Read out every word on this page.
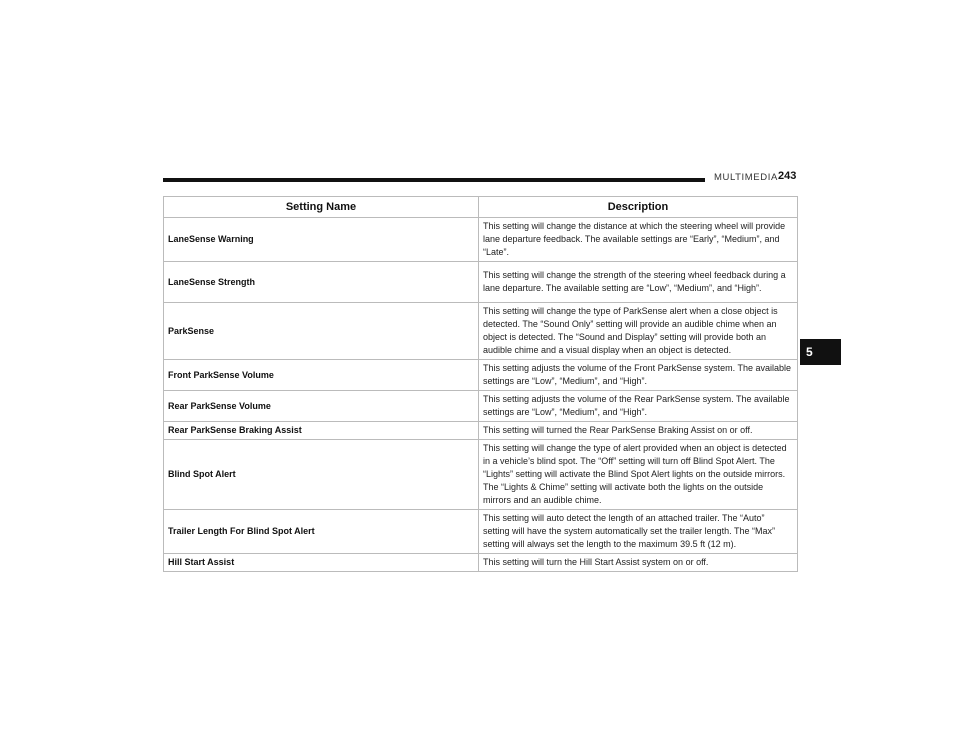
MULTIMEDIA 243
5
Setting Name	Description
LaneSense Warning	This setting will change the distance at which the steering wheel will provide lane departure feedback. The available settings are “Early”, “Medium”, and “Late”.
LaneSense Strength	This setting will change the strength of the steering wheel feedback during a lane departure. The available setting are “Low”, “Medium”, and “High”.
ParkSense	This setting will change the type of ParkSense alert when a close object is detected. The “Sound Only” setting will provide an audible chime when an object is detected. The “Sound and Display” setting will provide both an audible chime and a visual display when an object is detected.
Front ParkSense Volume	This setting adjusts the volume of the Front ParkSense system. The available settings are “Low”, “Medium”, and “High”.
Rear ParkSense Volume	This setting adjusts the volume of the Rear ParkSense system. The available settings are “Low”, “Medium”, and “High”.
Rear ParkSense Braking Assist	This setting will turned the Rear ParkSense Braking Assist on or off.
Blind Spot Alert	This setting will change the type of alert provided when an object is detected in a vehicle’s blind spot. The “Off” setting will turn off Blind Spot Alert. The “Lights” setting will activate the Blind Spot Alert lights on the outside mirrors. The “Lights & Chime” setting will activate both the lights on the outside mirrors and an audible chime.
Trailer Length For Blind Spot Alert	This setting will auto detect the length of an attached trailer. The “Auto” setting will have the system automatically set the trailer length. The “Max” setting will always set the length to the maximum 39.5 ft (12 m).
Hill Start Assist	This setting will turn the Hill Start Assist system on or off.
